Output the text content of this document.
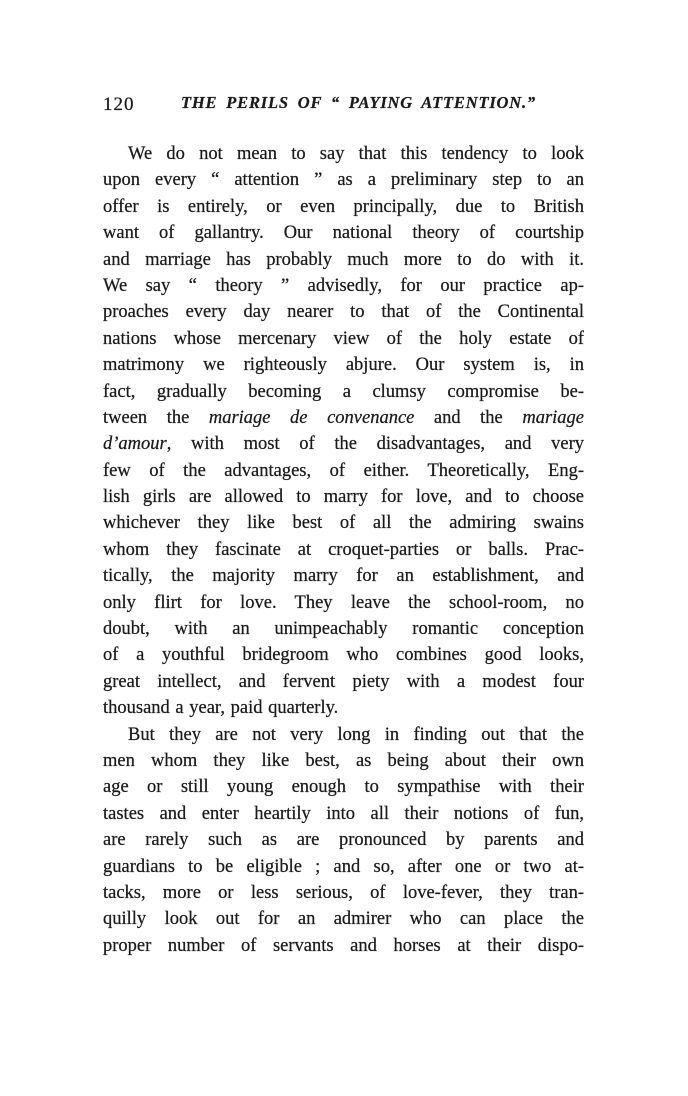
120	THE PERILS OF “ PAYING ATTENTION.”
We do not mean to say that this tendency to look
upon every “ attention ” as a preliminary step to an
offer is entirely, or even principally, due to British
want of gallantry. Our national theory of courtship
and marriage has probably much more to do with it.
We say “ theory ” advisedly, for our practice ap-
proaches every day nearer to that of the Continental
nations whose mercenary view of the holy estate of
matrimony we righteously abjure. Our system is, in
fact, gradually becoming a clumsy compromise be-
tween the mariage de convenance and the mariage
d’amour, with most of the disadvantages, and very
few of the advantages, of either. Theoretically, Eng-
lish girls are allowed to marry for love, and to choose
whichever they like best of all the admiring swains
whom they fascinate at croquet-parties or balls. Prac-
tically, the majority marry for an establishment, and
only flirt for love. They leave the school-room, no
doubt, with an unimpeachably romantic conception
of a youthful bridegroom who combines good looks,
great intellect, and fervent piety with a modest four
thousand a year, paid quarterly.
But they are not very long in finding out that the
men whom they like best, as being about their own
age or still young enough to sympathise with their
tastes and enter heartily into all their notions of fun,
are rarely such as are pronounced by parents and
guardians to be eligible ; and so, after one or two at-
tacks, more or less serious, of love-fever, they tran-
quilly look out for an admirer who can place the
proper number of servants and horses at their dispo-
